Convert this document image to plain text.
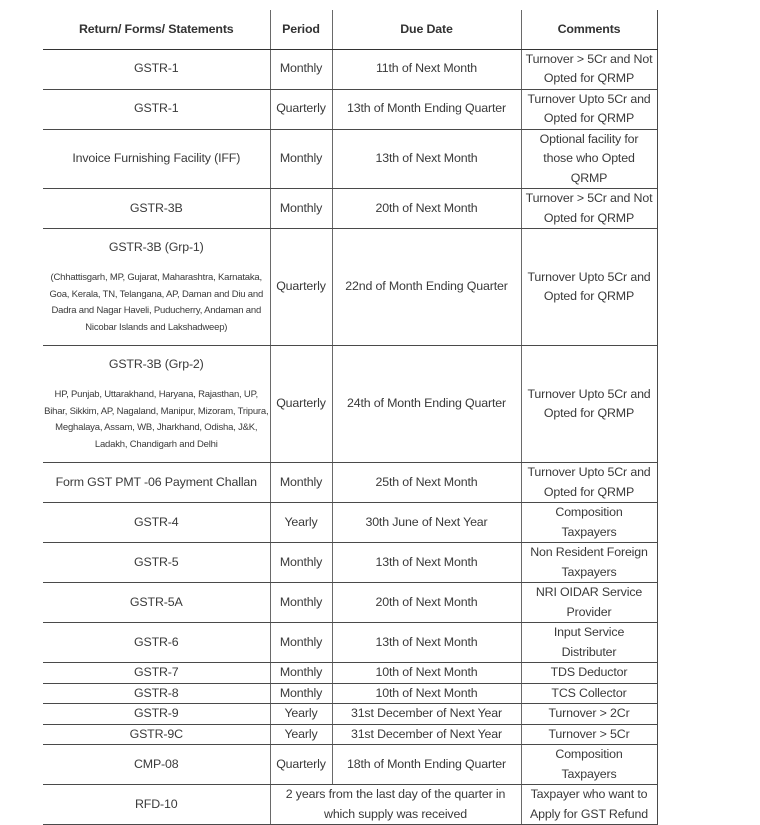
Return/ Forms/ Statements	Period	Due Date	Comments
GSTR-1	Monthly	11th of Next Month	Turnover > 5Cr and Not Opted for QRMP
GSTR-1	Quarterly	13th of Month Ending Quarter	Turnover Upto 5Cr and Opted for QRMP
Invoice Furnishing Facility (IFF)	Monthly	13th of Next Month	Optional facility for those who Opted QRMP
GSTR-3B	Monthly	20th of Next Month	Turnover > 5Cr and Not Opted for QRMP

GSTR-3B (Grp-1)
(Chhattisgarh, MP, Gujarat, Maharashtra, Karnataka, Goa, Kerala, TN, Telangana, AP, Daman and Diu and Dadra and Nagar Haveli, Puducherry, Andaman and Nicobar Islands and Lakshadweep)	Quarterly	22nd of Month Ending Quarter	Turnover Upto 5Cr and Opted for QRMP

GSTR-3B (Grp-2)
HP, Punjab, Uttarakhand, Haryana, Rajasthan, UP, Bihar, Sikkim, AP, Nagaland, Manipur, Mizoram, Tripura, Meghalaya, Assam, WB, Jharkhand, Odisha, J&K, Ladakh, Chandigarh and Delhi	Quarterly	24th of Month Ending Quarter	Turnover Upto 5Cr and Opted for QRMP
Form GST PMT -06 Payment Challan	Monthly	25th of Next Month	Turnover Upto 5Cr and Opted for QRMP
GSTR-4	Yearly	30th June of Next Year	Composition Taxpayers
GSTR-5	Monthly	13th of Next Month	Non Resident Foreign Taxpayers
GSTR-5A	Monthly	20th of Next Month	NRI OIDAR Service Provider
GSTR-6	Monthly	13th of Next Month	Input Service Distributer
GSTR-7	Monthly	10th of Next Month	TDS Deductor
GSTR-8	Monthly	10th of Next Month	TCS Collector
GSTR-9	Yearly	31st December of Next Year	Turnover > 2Cr
GSTR-9C	Yearly	31st December of Next Year	Turnover > 5Cr
CMP-08	Quarterly	18th of Month Ending Quarter	Composition Taxpayers
RFD-10	2 years from the last day of the quarter in which supply was received		Taxpayer who want to Apply for GST Refund
